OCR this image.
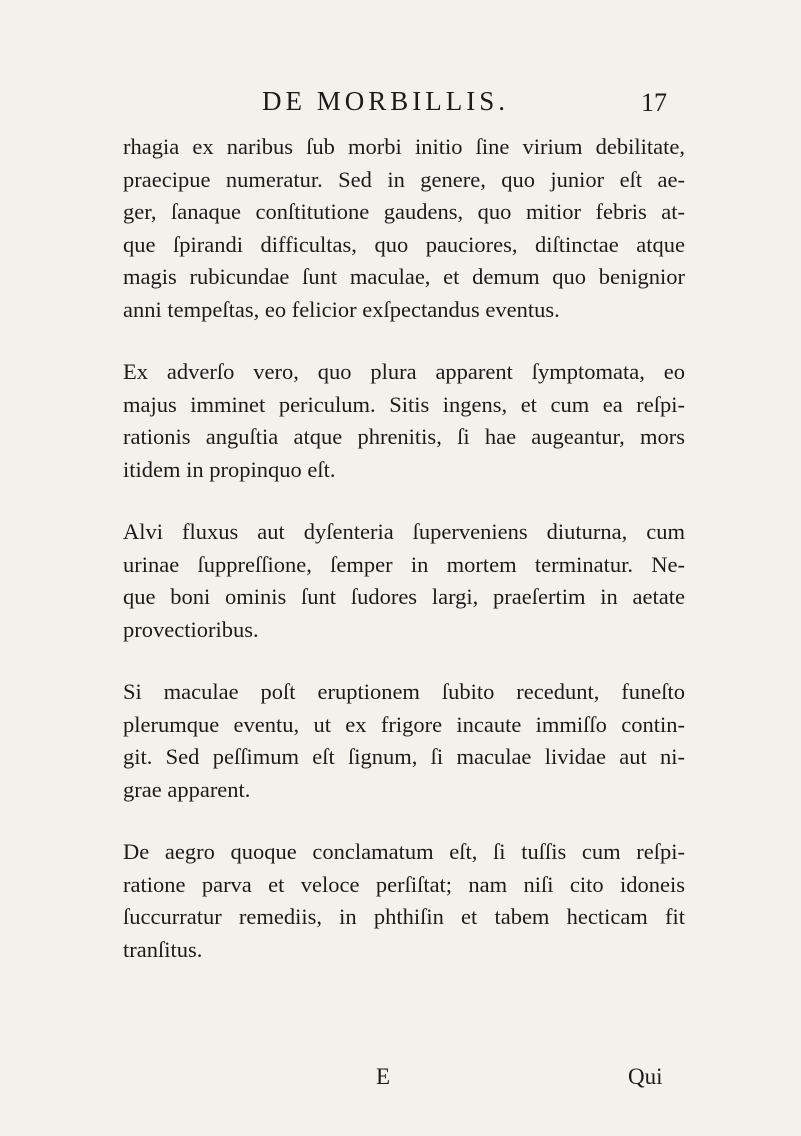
DE MORBILLIS.	17

rhagia ex naribus ſub morbi initio ſine virium debilitate,
praecipue numeratur. Sed in genere, quo junior eſt ae-
ger, ſanaque conſtitutione gaudens, quo mitior febris at-
que ſpirandi difficultas, quo pauciores, diſtinctae atque
magis rubicundae ſunt maculae, et demum quo benignior
anni tempeſtas, eo felicior exſpectandus eventus.

Ex adverſo vero, quo plura apparent ſymptomata, eo
majus imminet periculum. Sitis ingens, et cum ea reſpi-
rationis anguſtia atque phrenitis, ſi hae augeantur, mors
itidem in propinquo eſt.

Alvi fluxus aut dyſenteria ſuperveniens diuturna, cum
urinae ſuppreſſione, ſemper in mortem terminatur. Ne-
que boni ominis ſunt ſudores largi, praeſertim in aetate
provectioribus.

Si maculae poſt eruptionem ſubito recedunt, funeſto
plerumque eventu, ut ex frigore incaute immiſſo contin-
git. Sed peſſimum eſt ſignum, ſi maculae lividae aut ni-
grae apparent.

De aegro quoque conclamatum eſt, ſi tuſſis cum reſpi-
ratione parva et veloce perſiſtat; nam niſi cito idoneis
ſuccurratur remediis, in phthiſin et tabem hecticam fit
tranſitus.

E	Qui
